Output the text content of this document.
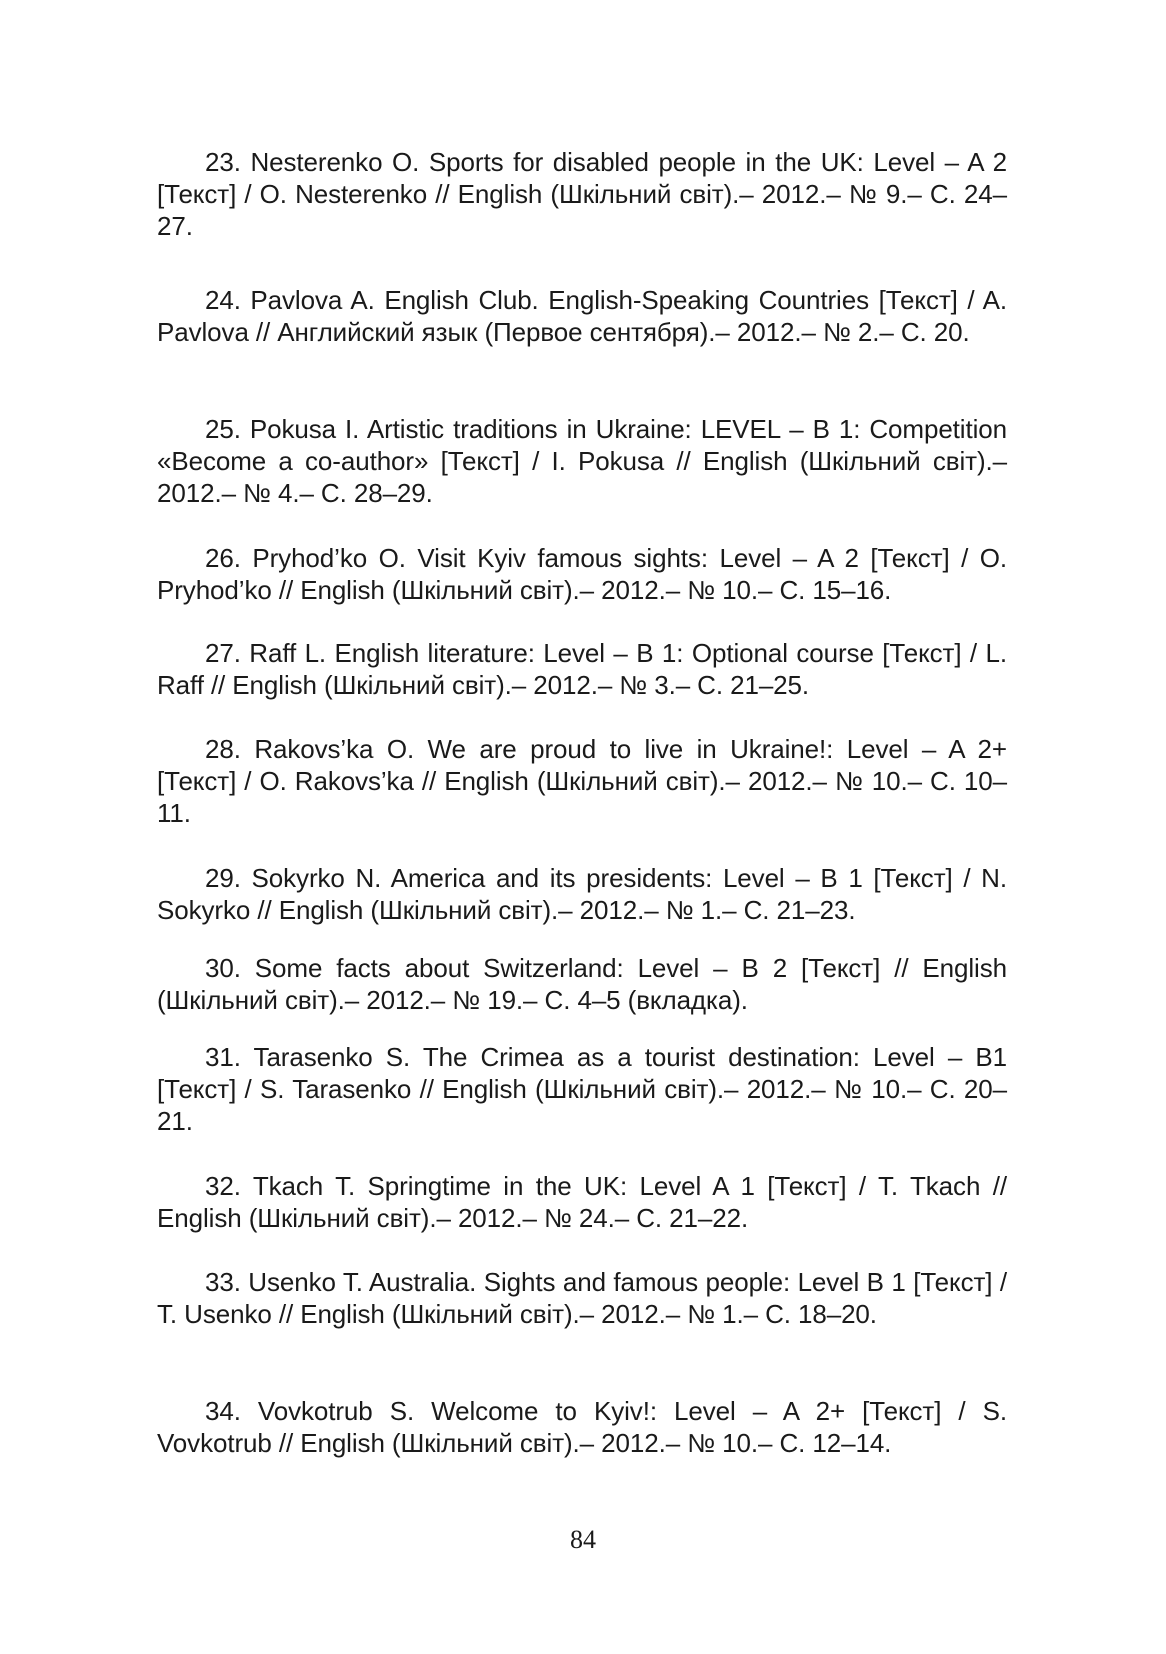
23. Nesterenko O. Sports for disabled people in the UK: Level – A 2 [Текст] / O. Nesterenko // English (Шкільний світ).– 2012.– № 9.– C. 24–27.

24. Pavlova A. English Club. English-Speaking Countries [Текст] / A. Pavlova // Английский язык (Первое сентября).– 2012.– № 2.– C. 20.

25. Pokusa I. Artistic traditions in Ukraine: LEVEL – B 1: Competition «Become a co-author» [Текст] / I. Pokusa // English (Шкільний світ).– 2012.– № 4.– C. 28–29.

26. Pryhod’ko O. Visit Kyiv famous sights: Level – A 2 [Текст] / O. Pryhod’ko // English (Шкільний світ).– 2012.– № 10.– C. 15–16.

27. Raff L. English literature: Level – B 1: Optional course [Текст] / L. Raff // English (Шкільний світ).– 2012.– № 3.– C. 21–25.

28. Rakovs’ka O. We are proud to live in Ukraine!: Level – A 2+ [Текст] / O. Rakovs’ka // English (Шкільний світ).– 2012.– № 10.– C. 10–11.

29. Sokyrko N. America and its presidents: Level – B 1 [Текст] / N. Sokyrko // English (Шкільний світ).– 2012.– № 1.– C. 21–23.

30. Some facts about Switzerland: Level – B 2 [Текст] // English (Шкільний світ).– 2012.– № 19.– C. 4–5 (вкладка).

31. Tarasenko S. The Crimea as a tourist destination: Level – B1 [Текст] / S. Tarasenko // English (Шкільний світ).– 2012.– № 10.– C. 20–21.

32. Tkach T. Springtime in the UK: Level A 1 [Текст] / T. Tkach // English (Шкільний світ).– 2012.– № 24.– C. 21–22.

33. Usenko T. Australia. Sights and famous people: Level B 1 [Текст] / T. Usenko // English (Шкільний світ).– 2012.– № 1.– C. 18–20.

34. Vovkotrub S. Welcome to Kyiv!: Level – A 2+ [Текст] / S. Vovkotrub // English (Шкільний світ).– 2012.– № 10.– C. 12–14.

84
